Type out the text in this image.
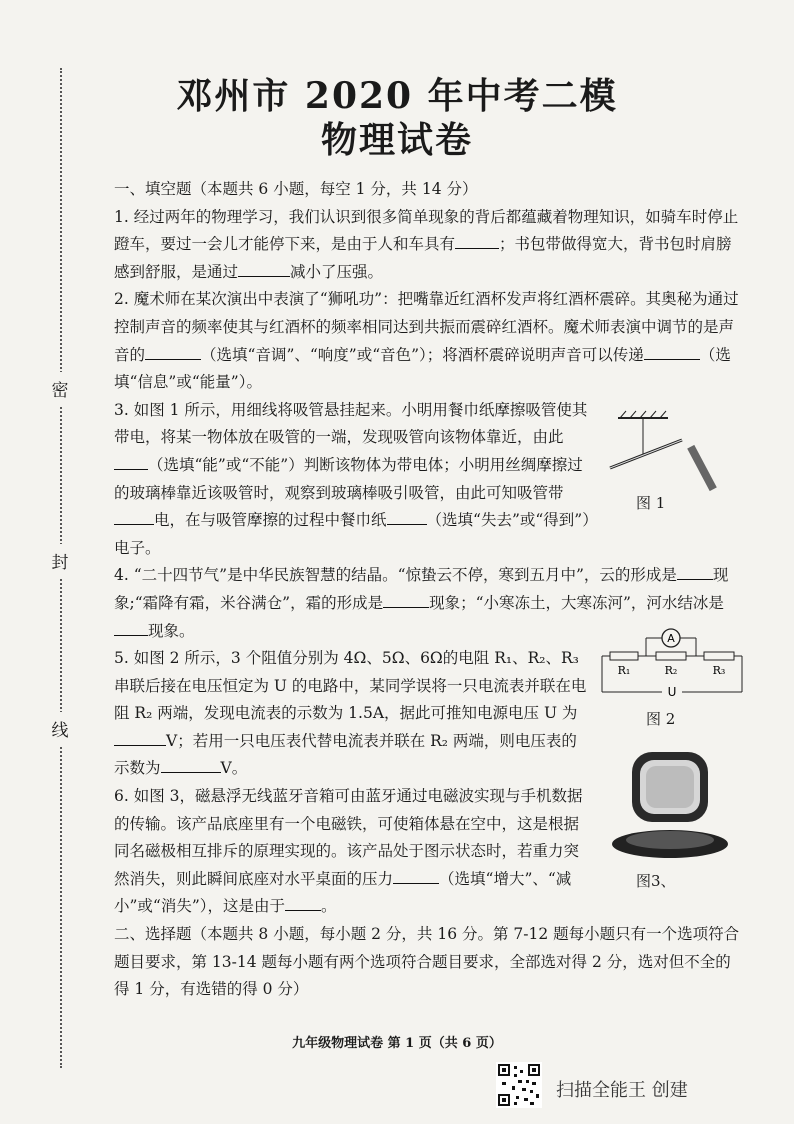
密
封
线
邓州市 2020 年中考二模
物理试卷

一、填空题（本题共 6 小题，每空 1 分，共 14 分）

1. 经过两年的物理学习，我们认识到很多简单现象的背后都蕴藏着物理知识，如骑车时停止蹬车，要过一会儿才能停下来，是由于人和车具有	；书包带做得宽大，背书包时肩膀感到舒服，是通过	减小了压强。

2. 魔术师在某次演出中表演了“狮吼功”：把嘴靠近红酒杯发声将红酒杯震碎。其奥秘为通过控制声音的频率使其与红酒杯的频率相同达到共振而震碎红酒杯。魔术师表演中调节的是声音的	（选填“音调”、“响度”或“音色”）；将酒杯震碎说明声音可以传递	（选填“信息”或“能量”）。

3. 如图 1 所示，用细线将吸管悬挂起来。小明用餐巾纸摩擦吸管使其带电，将某一物体放在吸管的一端，发现吸管向该物体靠近，由此（选填“能”或“不能”）判断该物体为带电体；小明用丝绸摩擦过的玻璃棒靠近该吸管时，观察到玻璃棒吸引吸管，由此可知吸管带电，在与吸管摩擦的过程中餐巾纸	（选填“失去”或“得到”）电子。

4. “二十四节气”是中华民族智慧的结晶。“惊蛰云不停，寒到五月中”，云的形成是 现象;“霜降有霜，米谷满仓”，霜的形成是	现象；“小寒冻土，大寒冻河”，河水结冰是现象。

5. 如图 2 所示，3 个阻值分别为 4Ω、5Ω、6Ω的电阻 R₁、R₂、R₃ 串联后接在电压恒定为 U 的电路中，某同学误将一只电流表并联在电阻 R₂ 两端，发现电流表的示数为 1.5A，据此可推知电源电压 U 为V；若用一只电压表代替电流表并联在 R₂ 两端，则电压表的示数为	V。

6. 如图 3，磁悬浮无线蓝牙音箱可由蓝牙通过电磁波实现与手机数据的传输。该产品底座里有一个电磁铁，可使箱体悬在空中，这是根据同名磁极相互排斥的原理实现的。该产品处于图示状态时，若重力突然消失，则此瞬间底座对水平桌面的压力	（选填“增大”、“减小”或“消失”），这是由于 。

二、选择题（本题共 8 小题，每小题 2 分，共 16 分。第 7-12 题每小题只有一个选项符合题目要求，第 13-14 题每小题有两个选项符合题目要求，全部选对得 2 分，选对但不全的得 1 分，有选错的得 0 分）

图 1
A
R₁	R₂	R₃
U
图 2
图3、
九年级物理试卷 第 1 页（共 6 页）
扫描全能王 创建
